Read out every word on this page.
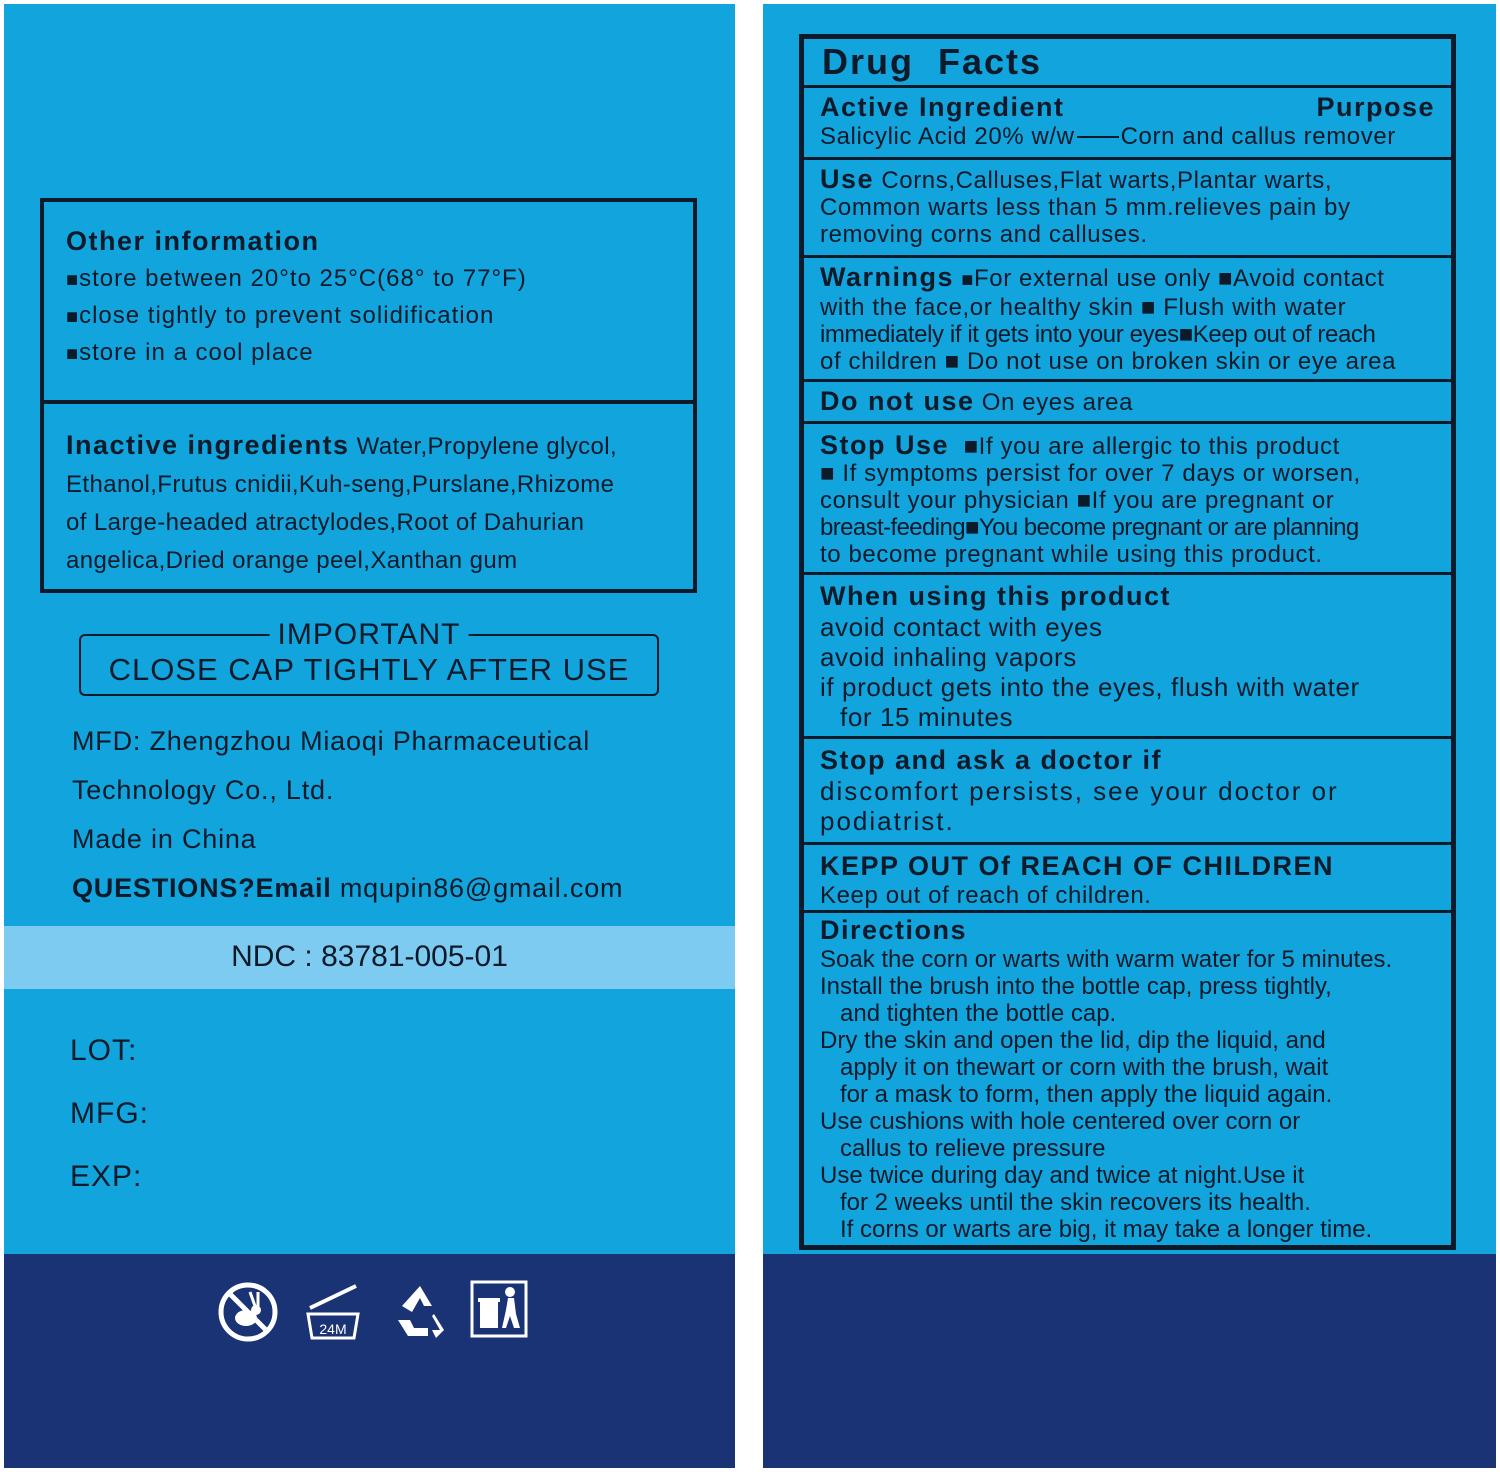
Other information
■ store between 20°to 25°C(68° to 77°F)
■ close tightly to prevent solidification
■ store in a cool place
Inactive ingredients Water,Propylene glycol,
Ethanol,Frutus cnidii,Kuh-seng,Purslane,Rhizome
of Large-headed atractylodes,Root of Dahurian
angelica,Dried orange peel,Xanthan gum
IMPORTANT
CLOSE CAP TIGHTLY AFTER USE
MFD: Zhengzhou Miaoqi Pharmaceutical
Technology Co., Ltd.
Made in China
QUESTIONS?Email mqupin86@gmail.com
NDC : 83781-005-01
LOT:
MFG:
EXP:
24M
Drug  Facts
Active Ingredient	Purpose
Salicylic Acid 20% w/w Corn and callus remover
Use Corns,Calluses,Flat warts,Plantar warts,
Common warts less than 5 mm.relieves pain by
removing corns and calluses.
Warnings ■ For external use only ■Avoid contact
with the face,or healthy skin ■ Flush with water
immediately if it gets into your eyes■Keep out of reach
of children ■ Do not use on broken skin or eye area
Do not use On eyes area
Stop Use ■If you are allergic to this product
■ If symptoms persist for over 7 days or worsen,
consult your physician ■If you are pregnant or
breast-feeding■You become pregnant or are planning
to become pregnant while using this product.
When using this product
avoid contact with eyes
avoid inhaling vapors
if product gets into the eyes, flush with water
for 15 minutes
Stop and ask a doctor if
discomfort persists, see your doctor or
podiatrist.
KEPP OUT Of REACH OF CHILDREN
Keep out of reach of children.
Directions
Soak the corn or warts with warm water for 5 minutes.
Install the brush into the bottle cap, press tightly,
and tighten the bottle cap.
Dry the skin and open the lid, dip the liquid, and
apply it on thewart or corn with the brush, wait
for a mask to form, then apply the liquid again.
Use cushions with hole centered over corn or
callus to relieve pressure
Use twice during day and twice at night.Use it
for 2 weeks until the skin recovers its health.
If corns or warts are big, it may take a longer time.
